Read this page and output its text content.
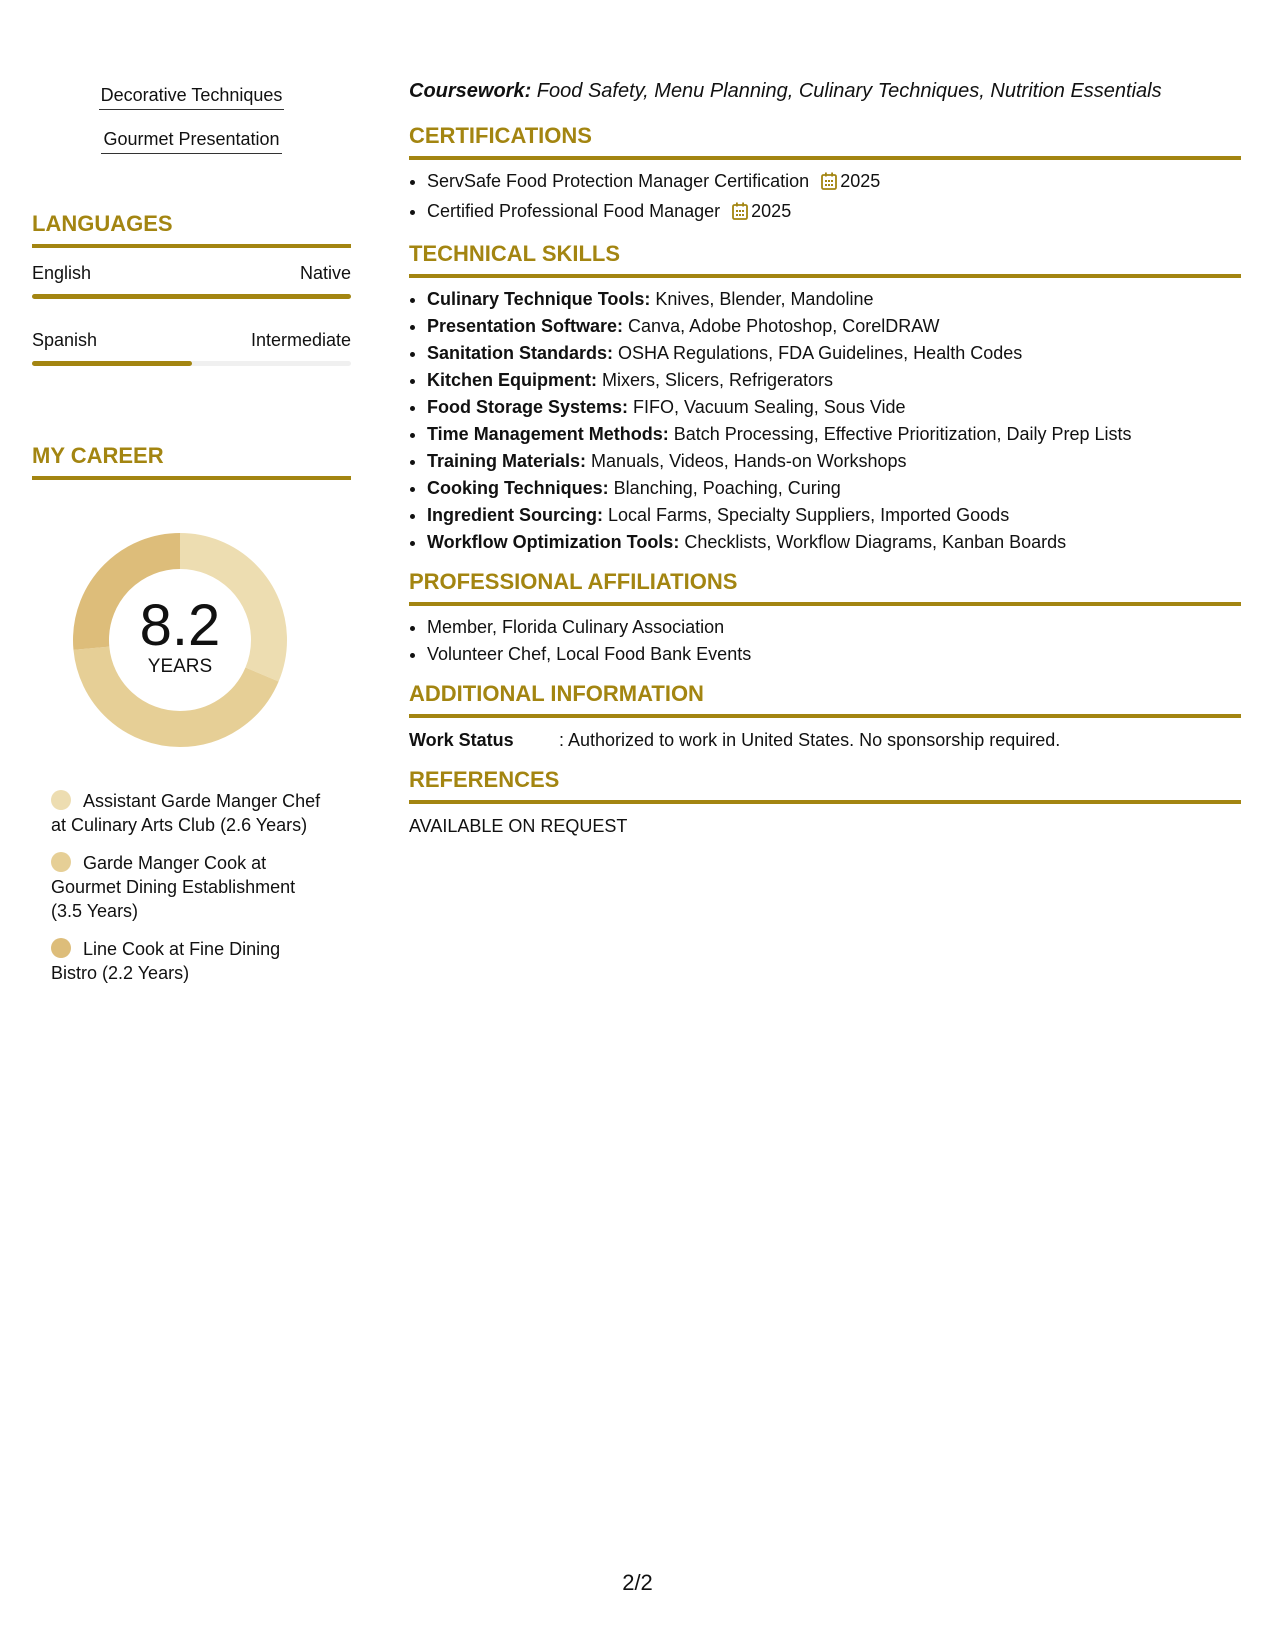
Decorative Techniques
Gourmet Presentation
LANGUAGES
English	Native
Spanish	Intermediate
MY CAREER
8.2
YEARS
Assistant Garde Manger Chef at Culinary Arts Club (2.6 Years)
Garde Manger Cook at Gourmet Dining Establishment (3.5 Years)
Line Cook at Fine Dining Bistro (2.2 Years)
Coursework: Food Safety, Menu Planning, Culinary Techniques, Nutrition Essentials
CERTIFICATIONS
• ServSafe Food Protection Manager Certification 2025
• Certified Professional Food Manager 2025
TECHNICAL SKILLS
• Culinary Technique Tools: Knives, Blender, Mandoline
• Presentation Software: Canva, Adobe Photoshop, CorelDRAW
• Sanitation Standards: OSHA Regulations, FDA Guidelines, Health Codes
• Kitchen Equipment: Mixers, Slicers, Refrigerators
• Food Storage Systems: FIFO, Vacuum Sealing, Sous Vide
• Time Management Methods: Batch Processing, Effective Prioritization, Daily Prep Lists
• Training Materials: Manuals, Videos, Hands-on Workshops
• Cooking Techniques: Blanching, Poaching, Curing
• Ingredient Sourcing: Local Farms, Specialty Suppliers, Imported Goods
• Workflow Optimization Tools: Checklists, Workflow Diagrams, Kanban Boards
PROFESSIONAL AFFILIATIONS
• Member, Florida Culinary Association
• Volunteer Chef, Local Food Bank Events
ADDITIONAL INFORMATION
Work Status	: Authorized to work in United States. No sponsorship required.
REFERENCES
AVAILABLE ON REQUEST
2/2
